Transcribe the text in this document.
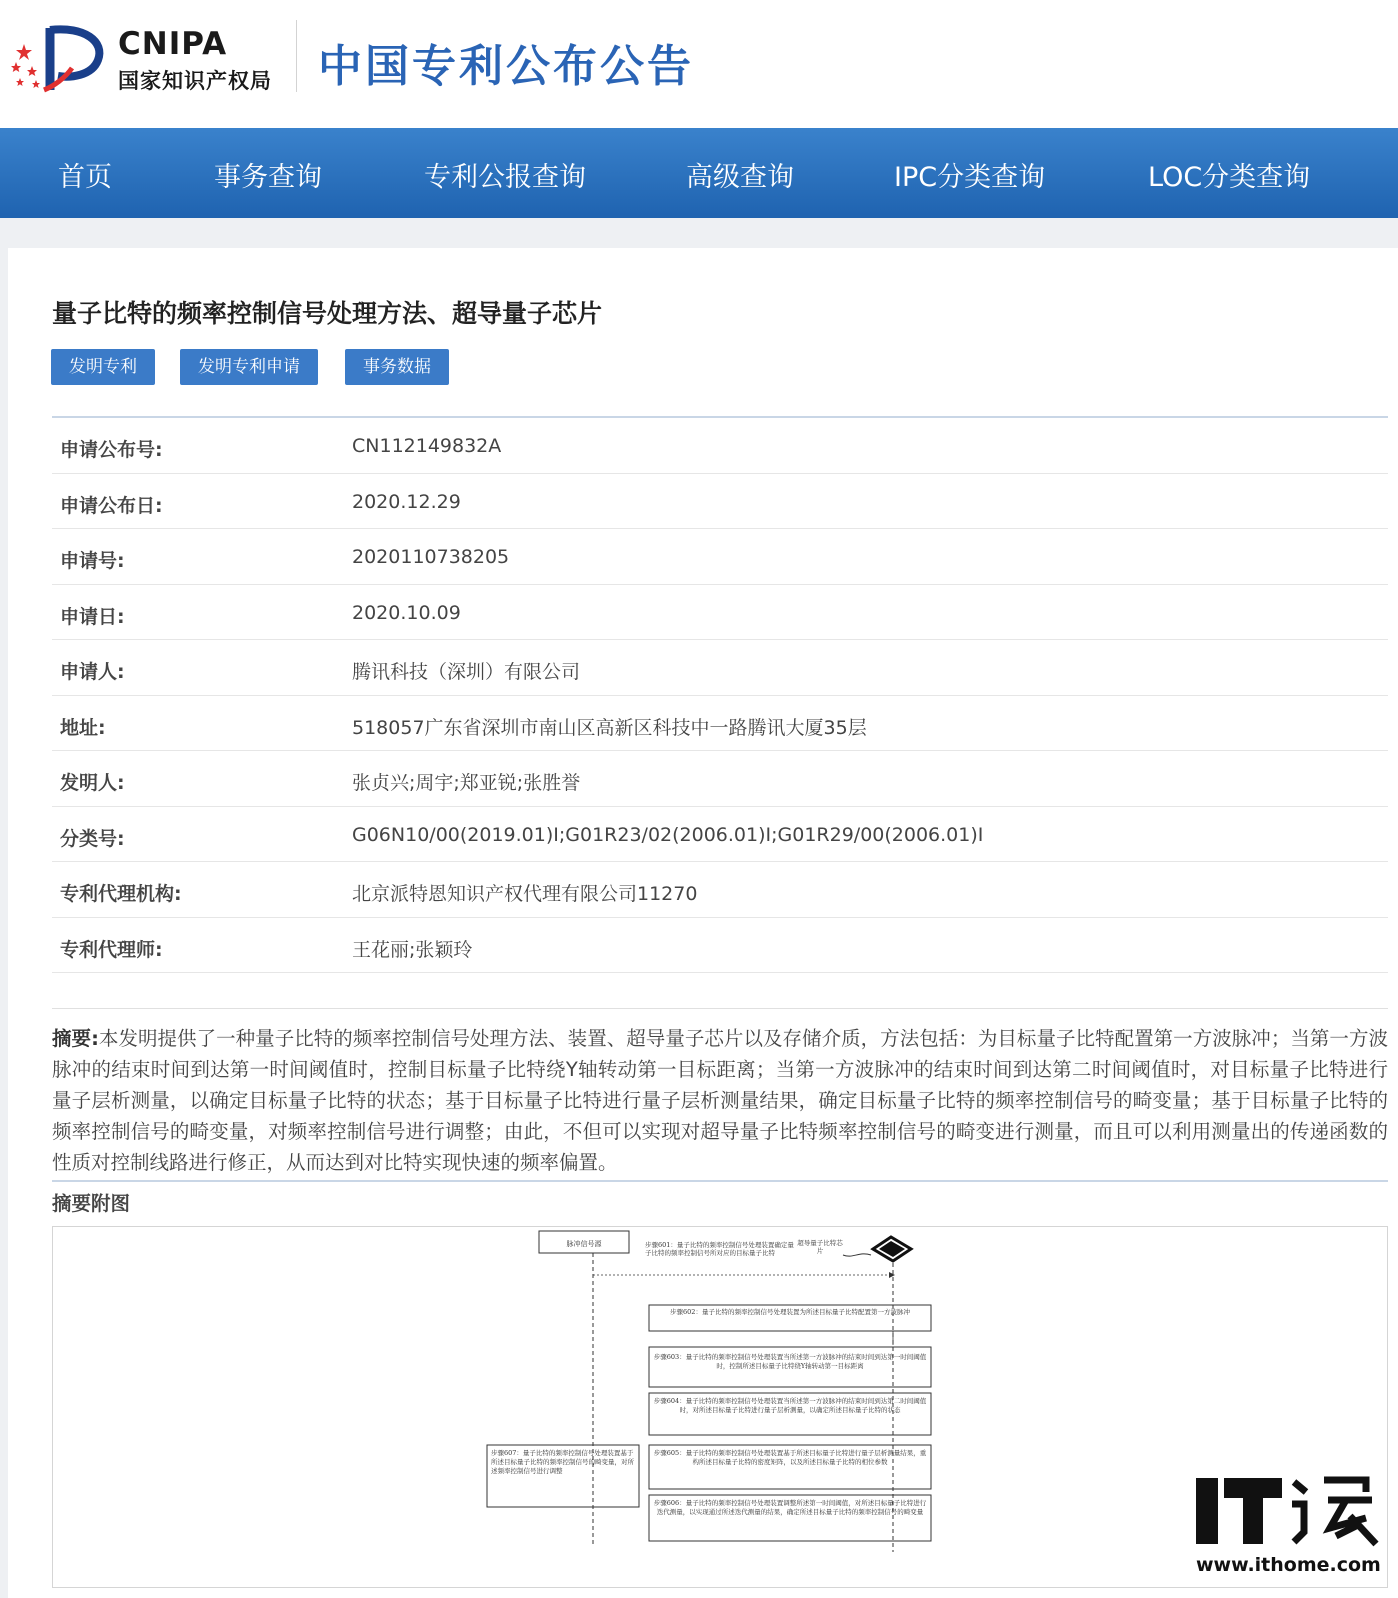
CNIPA
国家知识产权局 中国专利公布公告
首页	事务查询	专利公报查询	高级查询	IPC分类查询	LOC分类查询
量子比特的频率控制信号处理方法、超导量子芯片
发明专利	发明专利申请	事务数据
申请公布号:	CN112149832A
申请公布日:	2020.12.29
申请号:	2020110738205
申请日:	2020.10.09
申请人:	腾讯科技（深圳）有限公司
地址:	518057广东省深圳市南山区高新区科技中一路腾讯大厦35层
发明人:	张贞兴;周宇;郑亚锐;张胜誉
分类号:	G06N10/00(2019.01)I;G01R23/02(2006.01)I;G01R29/00(2006.01)I
专利代理机构:	北京派特恩知识产权代理有限公司11270
专利代理师:	王花丽;张颖玲
摘要:本发明提供了一种量子比特的频率控制信号处理方法、装置、超导量子芯片以及存储介质，方法包括：为目标量子比特配置第一方波脉冲；当第一方波脉冲的结束时间到达第一时间阈值时，控制目标量子比特绕Y轴转动第一目标距离；当第一方波脉冲的结束时间到达第二时间阈值时，对目标量子比特进行量子层析测量，以确定目标量子比特的状态；基于目标量子比特进行量子层析测量结果，确定目标量子比特的频率控制信号的畸变量；基于目标量子比特的频率控制信号的畸变量，对频率控制信号进行调整；由此，不但可以实现对超导量子比特频率控制信号的畸变进行测量，而且可以利用测量出的传递函数的性质对控制线路进行修正，从而达到对比特实现快速的频率偏置。
摘要附图
脉冲信号源	步骤601：量子比特的频率控制信号处理装置确定量子比特的频率控制信号所对应的目标量子比特
超导量子比特芯片
步骤602：量子比特的频率控制信号处理装置为所述目标量子比特配置第一方波脉冲
步骤603：量子比特的频率控制信号处理装置当所述第一方波脉冲的结束时间到达第一时间阈值时，控制所述目标量子比特绕Y轴转动第一目标距离
步骤604：量子比特的频率控制信号处理装置当所述第一方波脉冲的结束时间到达第二时间阈值时，对所述目标量子比特进行量子层析测量，以确定所述目标量子比特的状态
步骤605：量子比特的频率控制信号处理装置基于所述目标量子比特进行量子层析测量结果，重构所述目标量子比特的密度矩阵，以及所述目标量子比特的相位参数
步骤606：量子比特的频率控制信号处理装置调整所述第一时间阈值，对所述目标量子比特进行迭代测量，以实现通过所述迭代测量的结果，确定所述目标量子比特的频率控制信号的畸变量
步骤607：量子比特的频率控制信号处理装置基于所述目标量子比特的频率控制信号的畸变量，对所述频率控制信号进行调整
www.ithome.com
